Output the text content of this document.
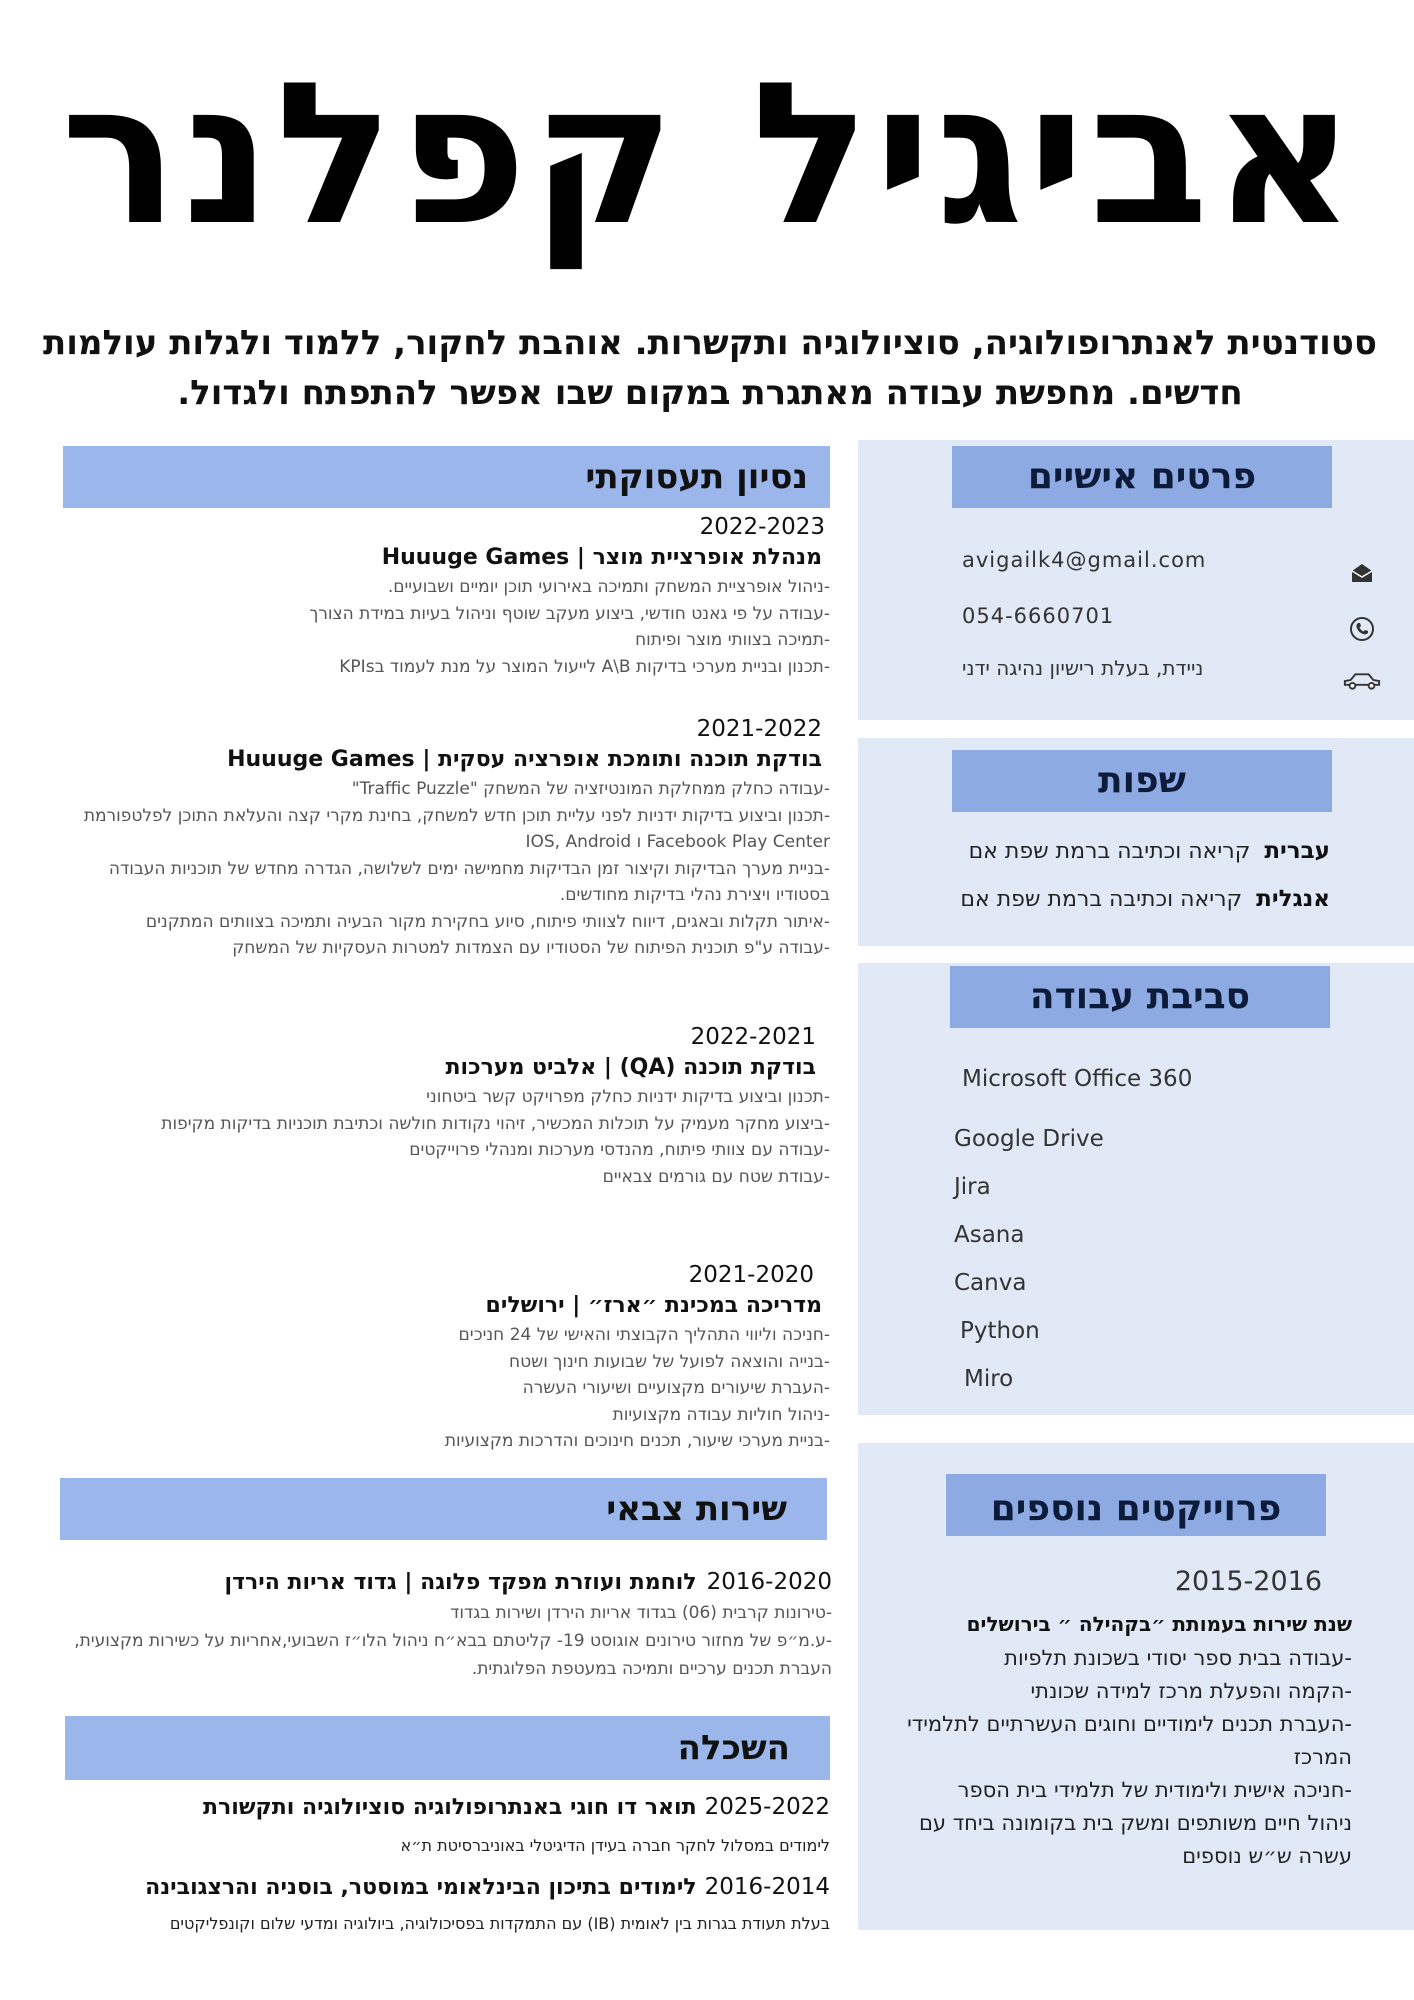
אביגיל קפלנר
סטודנטית לאנתרופולוגיה, סוציולוגיה ותקשרות. אוהבת לחקור, ללמוד ולגלות עולמות חדשים. מחפשת עבודה מאתגרת במקום שבו אפשר להתפתח ולגדול.
פרטים אישיים
avigailk4@gmail.com
054-6660701
ניידת, בעלת רישיון נהיגה ידני
שפות
עבריתקריאה וכתיבה ברמת שפת אם
אנגליתקריאה וכתיבה ברמת שפת אם
סביבת עבודה
Microsoft Office 360
Google Drive
Jira
Asana
Canva
Python
Miro
פרוייקטים נוספים
2015-2016
שנת שירות בעמותת ״בקהילה ״ בירושלים
-עבודה בבית ספר יסודי בשכונת תלפיות
-הקמה והפעלת מרכז למידה שכונתי
-העברת תכנים לימודיים וחוגים העשרתיים לתלמידי המרכז
-חניכה אישית ולימודית של תלמידי בית הספר
ניהול חיים משותפים ומשק בית בקומונה ביחד עם עשרה ש״ש נוספים
נסיון תעסוקתי
2022-2023
מנהלת אופרציית מוצר | Huuuge Games
-ניהול אופרציית המשחק ותמיכה באירועי תוכן יומיים ושבועיים.
-עבודה על פי גאנט חודשי, ביצוע מעקב שוטף וניהול בעיות במידת הצורך
-תמיכה בצוותי מוצר ופיתוח
-תכנון ובניית מערכי בדיקות A\B לייעול המוצר על מנת לעמוד בKPIs
2021-2022
בודקת תוכנה ותומכת אופרציה עסקית | Huuuge Games
-עבודה כחלק ממחלקת המונטיזציה של המשחק "Traffic Puzzle"
-תכנון וביצוע בדיקות ידניות לפני עליית תוכן חדש למשחק, בחינת מקרי קצה והעלאת התוכן לפלטפורמת Facebook Play Center ו IOS, Android
-בניית מערך הבדיקות וקיצור זמן הבדיקות מחמישה ימים לשלושה, הגדרה מחדש של תוכניות העבודה בסטודיו ויצירת נהלי בדיקות מחודשים.
-איתור תקלות ובאגים, דיווח לצוותי פיתוח, סיוע בחקירת מקור הבעיה ותמיכה בצוותים המתקנים
-עבודה ע"פ תוכנית הפיתוח של הסטודיו עם הצמדות למטרות העסקיות של המשחק
2022-2021
בודקת תוכנה (QA) | אלביט מערכות
-תכנון וביצוע בדיקות ידניות כחלק מפרויקט קשר ביטחוני
-ביצוע מחקר מעמיק על תוכלות המכשיר, זיהוי נקודות חולשה וכתיבת תוכניות בדיקות מקיפות
-עבודה עם צוותי פיתוח, מהנדסי מערכות ומנהלי פרוייקטים
-עבודת שטח עם גורמים צבאיים
2021-2020
מדריכה במכינת ״ארז״ | ירושלים
-חניכה וליווי התהליך הקבוצתי והאישי של 24 חניכים
-בנייה והוצאה לפועל של שבועות חינוך ושטח
-העברת שיעורים מקצועיים ושיעורי העשרה
-ניהול חוליות עבודה מקצועיות
-בניית מערכי שיעור, תכנים חינוכים והדרכות מקצועיות
שירות צבאי
2016-2020לוחמת ועוזרת מפקד פלוגה | גדוד אריות הירדן
-טירונות קרבית (06) בגדוד אריות הירדן ושירות בגדוד
-ע.מ״פ של מחזור טירונים אוגוסט 19- קליטתם בבא״ח ניהול הלו״ז השבועי,אחריות על כשירות מקצועית, העברת תכנים ערכיים ותמיכה במעטפת הפלוגתית.
השכלה
2025-2022תואר דו חוגי באנתרופולוגיה סוציולוגיה ותקשורת
לימודים במסלול לחקר חברה בעידן הדיגיטלי באוניברסיטת ת״א
2016-2014לימודים בתיכון הבינלאומי במוסטר, בוסניה והרצגובינה
בעלת תעודת בגרות בין לאומית (IB) עם התמקדות בפסיכולוגיה, ביולוגיה ומדעי שלום וקונפליקטים
